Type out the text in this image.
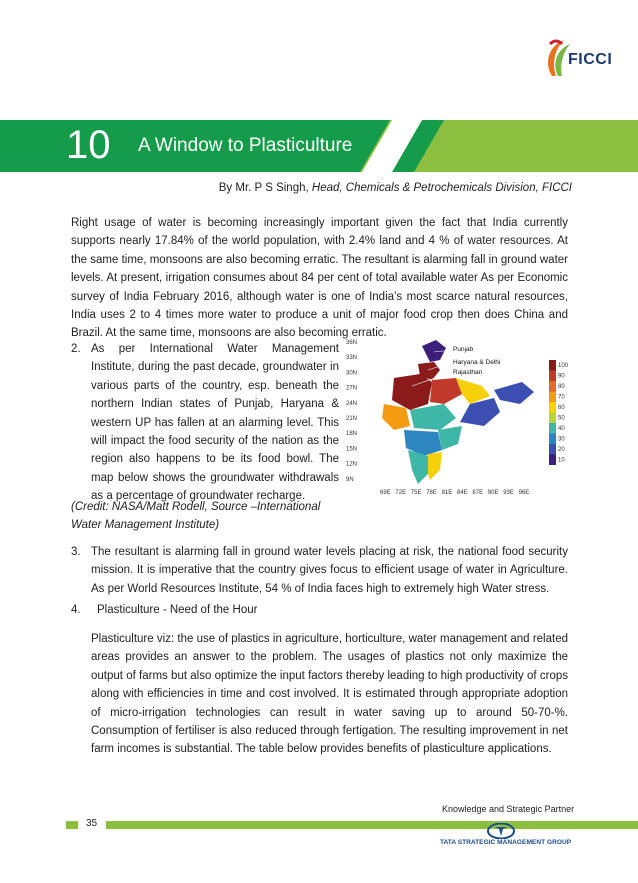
FICCI
10 A Window to Plasticulture
By Mr. P S Singh, Head, Chemicals & Petrochemicals Division, FICCI
Right usage of water is becoming increasingly important given the fact that India currently supports nearly 17.84% of the world population, with 2.4% land and 4 % of water resources. At the same time, monsoons are also becoming erratic. The resultant is alarming fall in ground water levels. At present, irrigation consumes about 84 per cent of total available water As per Economic survey of India February 2016, although water is one of India’s most scarce natural resources, India uses 2 to 4 times more water to produce a unit of major food crop then does China and Brazil. At the same time, monsoons are also becoming erratic.
2. As per International Water Management Institute, during the past decade, groundwater in various parts of the country, esp. beneath the northern Indian states of Punjab, Haryana & western UP has fallen at an alarming level. This will impact the food security of the nation as the region also happens to be its food bowl. The map below shows the groundwater withdrawals as a percentage of groundwater recharge.
36N
33N
30N
27N
24N
21N
18N
15N
12N
9N
69E 72E 75E 78E 81E 84E 87E 90E 93E 96E
Punjab
Haryana & Delhi
Rajasthan
100
90
80
70
60
50
40
30
20
10
(Credit: NASA/Matt Rodell, Source –International Water Management Institute)
3. The resultant is alarming fall in ground water levels placing at risk, the national food security mission. It is imperative that the country gives focus to efficient usage of water in Agriculture. As per World Resources Institute, 54 % of India faces high to extremely high Water stress.
4. Plasticulture - Need of the Hour
Plasticulture viz: the use of plastics in agriculture, horticulture, water management and related areas provides an answer to the problem. The usages of plastics not only maximize the output of farms but also optimize the input factors thereby leading to high productivity of crops along with efficiencies in time and cost involved. It is estimated through appropriate adoption of micro-irrigation technologies can result in water saving up to around 50-70-%. Consumption of fertiliser is also reduced through fertigation. The resulting improvement in net farm incomes is substantial. The table below provides benefits of plasticulture applications.
Knowledge and Strategic Partner
35
TATA STRATEGIC MANAGEMENT GROUP
